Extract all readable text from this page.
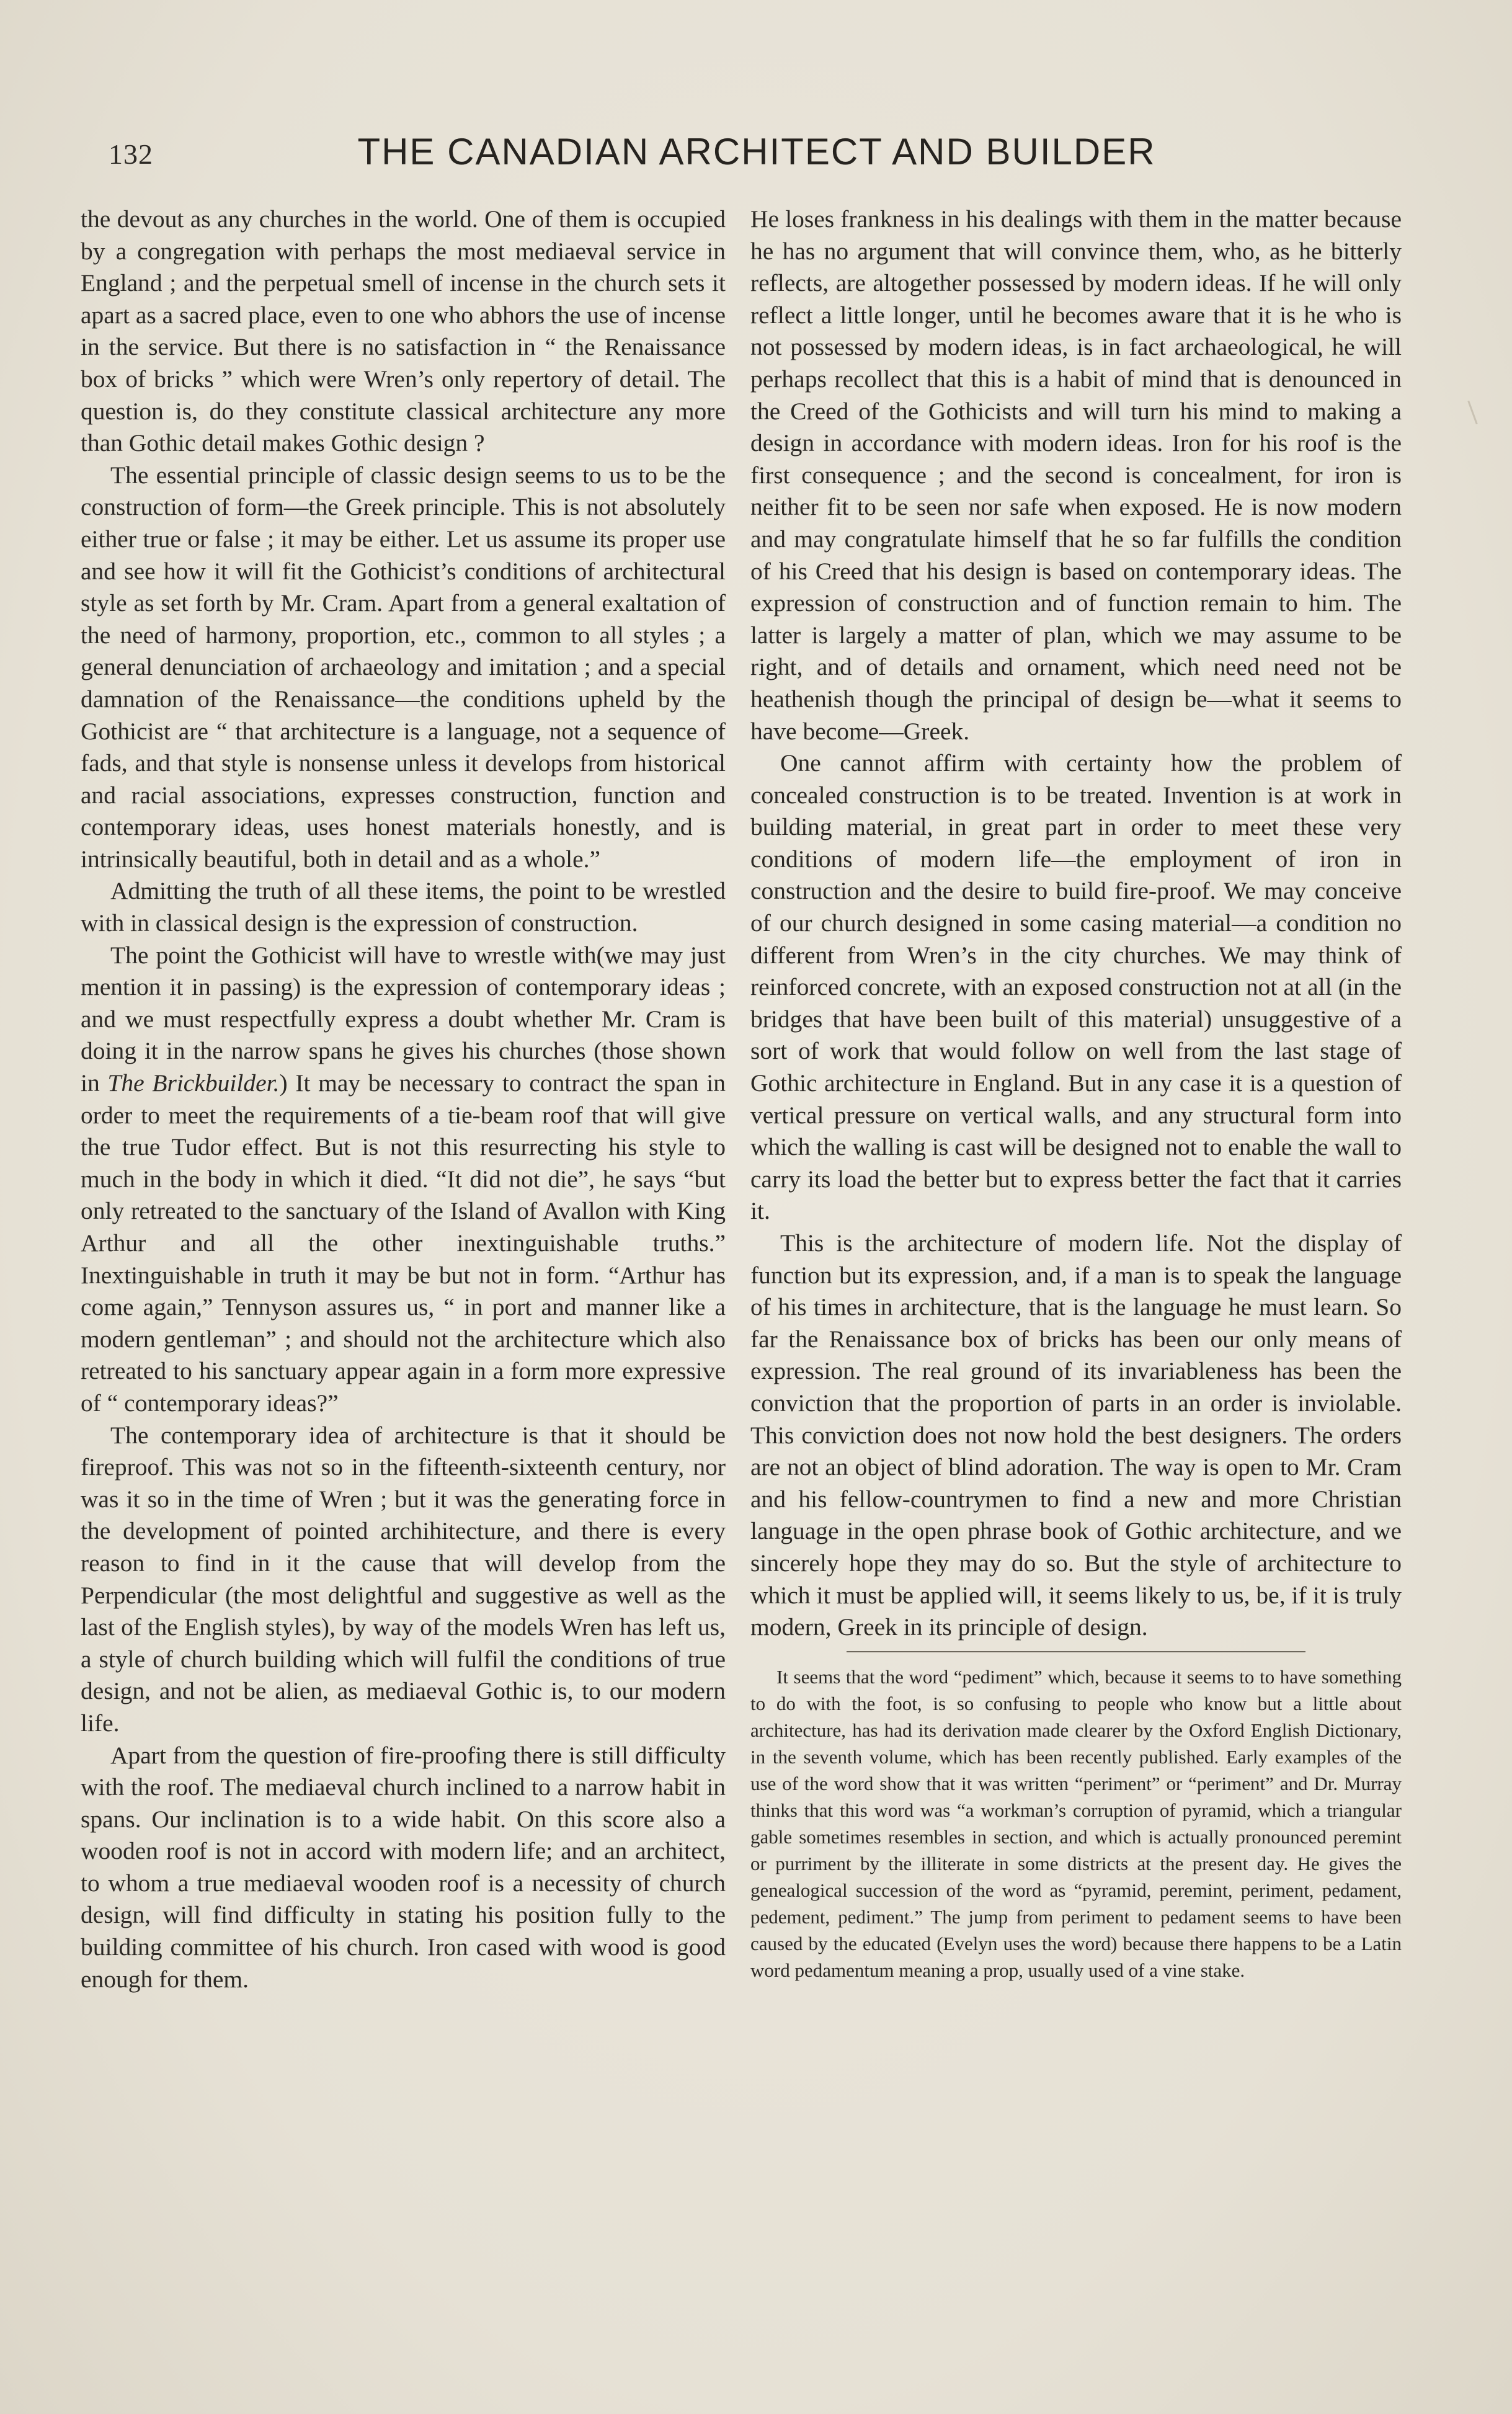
132	THE CANADIAN ARCHITECT AND BUILDER

the devout as any churches in the world. One of them is occupied by a congregation with perhaps the most mediaeval service in England ; and the perpetual smell of incense in the church sets it apart as a sacred place, even to one who abhors the use of incense in the service. But there is no satisfaction in “ the Renaissance box of bricks ” which were Wren’s only repertory of detail. The question is, do they constitute classical architecture any more than Gothic detail makes Gothic design ?

The essential principle of classic design seems to us to be the construction of form—the Greek principle. This is not absolutely either true or false ; it may be either. Let us assume its proper use and see how it will fit the Gothicist’s conditions of architectural style as set forth by Mr. Cram. Apart from a general exaltation of the need of harmony, proportion, etc., common to all styles ; a general denunciation of archaeology and imitation ; and a special damnation of the Renaissance—the conditions upheld by the Gothicist are “ that architecture is a language, not a sequence of fads, and that style is nonsense unless it develops from historical and racial associations, expresses construction, function and contemporary ideas, uses honest materials honestly, and is intrinsically beautiful, both in detail and as a whole.”

Admitting the truth of all these items, the point to be wrestled with in classical design is the expression of construction.

The point the Gothicist will have to wrestle with(we may just mention it in passing) is the expression of contemporary ideas ; and we must respectfully express a doubt whether Mr. Cram is doing it in the narrow spans he gives his churches (those shown in The Brickbuilder.) It may be necessary to contract the span in order to meet the requirements of a tie-beam roof that will give the true Tudor effect. But is not this resurrecting his style to much in the body in which it died. “It did not die”, he says “but only retreated to the sanctuary of the Island of Avallon with King Arthur and all the other inextinguishable truths.” Inextinguishable in truth it may be but not in form. “Arthur has come again,” Tennyson assures us, “ in port and manner like a modern gentleman” ; and should not the architecture which also retreated to his sanctuary appear again in a form more expressive of “ contemporary ideas?”

The contemporary idea of architecture is that it should be fireproof. This was not so in the fifteenth-sixteenth century, nor was it so in the time of Wren ; but it was the generating force in the development of pointed archihitecture, and there is every reason to find in it the cause that will develop from the Perpendicular (the most delightful and suggestive as well as the last of the English styles), by way of the models Wren has left us, a style of church building which will fulfil the conditions of true design, and not be alien, as mediaeval Gothic is, to our modern life.

Apart from the question of fire-proofing there is still difficulty with the roof. The mediaeval church inclined to a narrow habit in spans. Our inclination is to a wide habit. On this score also a wooden roof is not in accord with modern life; and an architect, to whom a true mediaeval wooden roof is a necessity of church design, will find difficulty in stating his position fully to the building committee of his church. Iron cased with wood is good enough for them.

He loses frankness in his dealings with them in the matter because he has no argument that will convince them, who, as he bitterly reflects, are altogether possessed by modern ideas. If he will only reflect a little longer, until he becomes aware that it is he who is not possessed by modern ideas, is in fact archaeological, he will perhaps recollect that this is a habit of mind that is denounced in the Creed of the Gothicists and will turn his mind to making a design in accordance with modern ideas. Iron for his roof is the first consequence ; and the second is concealment, for iron is neither fit to be seen nor safe when exposed. He is now modern and may congratulate himself that he so far fulfills the condition of his Creed that his design is based on contemporary ideas. The expression of construction and of function remain to him. The latter is largely a matter of plan, which we may assume to be right, and of details and ornament, which need need not be heathenish though the principal of design be—what it seems to have become—Greek.

One cannot affirm with certainty how the problem of concealed construction is to be treated. Invention is at work in building material, in great part in order to meet these very conditions of modern life—the employment of iron in construction and the desire to build fire-proof. We may conceive of our church designed in some casing material—a condition no different from Wren’s in the city churches. We may think of reinforced concrete, with an exposed construction not at all (in the bridges that have been built of this material) unsuggestive of a sort of work that would follow on well from the last stage of Gothic architecture in England. But in any case it is a question of vertical pressure on vertical walls, and any structural form into which the walling is cast will be designed not to enable the wall to carry its load the better but to express better the fact that it carries it.

This is the architecture of modern life. Not the display of function but its expression, and, if a man is to speak the language of his times in architecture, that is the language he must learn. So far the Renaissance box of bricks has been our only means of expression. The real ground of its invariableness has been the conviction that the proportion of parts in an order is inviolable. This conviction does not now hold the best designers. The orders are not an object of blind adoration. The way is open to Mr. Cram and his fellow-countrymen to find a new and more Christian language in the open phrase book of Gothic architecture, and we sincerely hope they may do so. But the style of architecture to which it must be applied will, it seems likely to us, be, if it is truly modern, Greek in its principle of design.

It seems that the word “pediment” which, because it seems to to have something to do with the foot, is so confusing to people who know but a little about architecture, has had its derivation made clearer by the Oxford English Dictionary, in the seventh volume, which has been recently published. Early examples of the use of the word show that it was written “periment” or “periment” and Dr. Murray thinks that this word was “a workman’s corruption of pyramid, which a triangular gable sometimes resembles in section, and which is actually pronounced peremint or purriment by the illiterate in some districts at the present day. He gives the genealogical succession of the word as “pyramid, peremint, periment, pedament, pedement, pediment.” The jump from periment to pedament seems to have been caused by the educated (Evelyn uses the word) because there happens to be a Latin word pedamentum meaning a prop, usually used of a vine stake.
